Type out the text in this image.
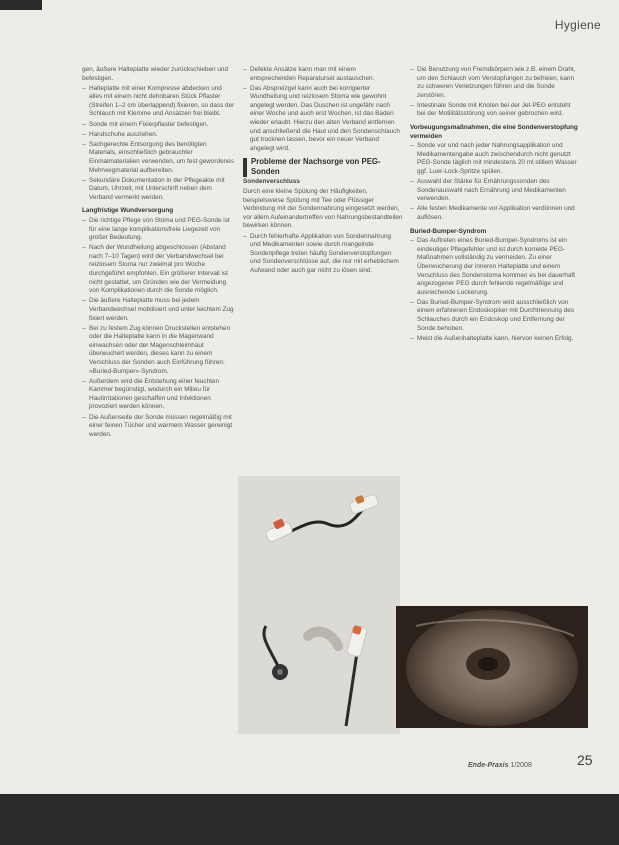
Hygiene

gen, äußere Halteplatte wieder zurückschieben und befestigen.

– Halteplatte mit einer Kompresse abdecken und alles mit einem nicht dehnbaren Stück Pflaster (Streifen 1–2 cm überlappend) fixieren, so dass der Schlauch mit Klemme und Ansätzen frei bleibt.

– Sonde mit einem Fixierpflaster befestigen.

– Handschuhe ausziehen.

– Sachgerechte Entsorgung des benötigten Materials, einschließlich gebrauchter Einmalmaterialien verwenden, um fest gewordenes Mehrwegmaterial aufbereiten.

– Sekundäre Dokumentation in der Pflegeakte mit Datum, Uhrzeit, mit Unterschrift neben dem Verband vermerkt werden.

Langfristige Wundversorgung

– Die richtige Pflege von Stoma und PEG-Sonde ist für eine lange komplikationsfreie Liegezeit von großer Bedeutung.

– Nach der Wundheilung abgeschlossen (Abstand nach 7–10 Tagen) wird der Verbandwechsel bei reizlosem Stoma nur zweimal pro Woche durchgeführt empfohlen. Ein größerer Intervall ist nicht gestattet, um Gründen wie der Vermeidung von Komplikationen durch die Sonde möglich.

– Die äußere Halteplatte muss bei jedem Verbandwechsel mobilisiert und unter leichtem Zug fixiert werden.

– Bei zu festem Zug können Druckstellen entstehen oder die Halteplatte kann in die Magenwand einwachsen oder der Magenschleimhaut überwuchert werden, dieses kann zu einem Verschluss der Sonden auch Einführung führen: »Buried-Bumper«-Syndrom.

– Außerdem wird die Entstehung einer feuchten Kammer begünstigt, wodurch ein Milieu für Hautirritationen geschaffen und Infektionen provoziert werden können.

– Die Außenseite der Sonde müssen regelmäßig mit einer feinen Tücher und warmem Wasser gereinigt werden.

– Defekte Ansätze kann man mit einem entsprechenden Reparaturset austauschen.

– Das Abspreizgel kann auch bei korrigierter Wundheilung und reizlosem Stoma wie gewohnt angelegt werden. Das Duschen ist ungefähr nach einer Woche und auch erst Wochen, ist das Baden wieder erlaubt. Hierzu den alten Verband entfernen und anschließend die Haut und den Sondenschlauch gut trocknen lassen, bevor ein neuer Verband angelegt wird.

Probleme der Nachsorge von PEG-Sonden

Sondenverschluss

Durch eine kleine Spülung der Häufigkeiten, beispielsweise Spülung mit Tee oder Flüssiger Verbindung mit der Sondennahrung eingesetzt werden, vor allem Aufeinandertreffen von Nahrungsbestandteilen bewirken können.

– Durch fehlerhafte Applikation von Sondennahrung und Medikamenten sowie durch mangelnde Sondenpflege treten häufig Sondenverstopfungen und Sondenverschlüsse auf, die nur mit erheblichem Aufwand oder auch gar nicht zu lösen sind.

– Die Benutzung von Fremdkörpern wie z.B. einem Draht, um den Schlauch vom Verstopfungen zu befreien, kann zu schweren Verletzungen führen und die Sonde zerstören.

– Intestinale Sonde mit Knoten bei der Jet-PEG entsteht bei der Motilitätsstörung von seiner gebrochen wird.

Vorbeugungsmaßnahmen, die eine Sondenverstopfung vermeiden

– Sonde vor und nach jeder Nahrungsapplikation und Medikamentengabe auch zwischendurch nicht genutzt PEG-Sonde täglich mit mindestens 20 ml stillem Wasser ggf. Luer-Lock-Spritze spülen.

– Auswahl der Stärke für Ernährungssonden des Sondenauswahl nach Ernährung und Medikamenten verwenden.

– Alle festen Medikamente vor Applikation verdünnen und auflösen.

Buried-Bumper-Syndrom

– Das Auftreten eines Buried-Bumper-Syndroms ist ein eindeutiger Pflegefehler und ist durch korrekte PEG-Maßnahmen vollständig zu vermeiden. Zu einer Überwucherung der inneren Halteplatte und einem Verschluss des Sondenstoma kommen es bei dauerhaft angezogener PEG durch fehlende regelmäßige und ausreichende Lockerung.

– Das Buried-Bumper-Syndrom wird ausschließlich von einem erfahrenen Endoskopiker mit Durchtrennung des Schlauches durch ein Endoskop und Entfernung der Sonde behoben.

– Meist die Außenhalteplatte kann, hiervon keinen Erfolg.

Ende-Praxis 1/2008	25
